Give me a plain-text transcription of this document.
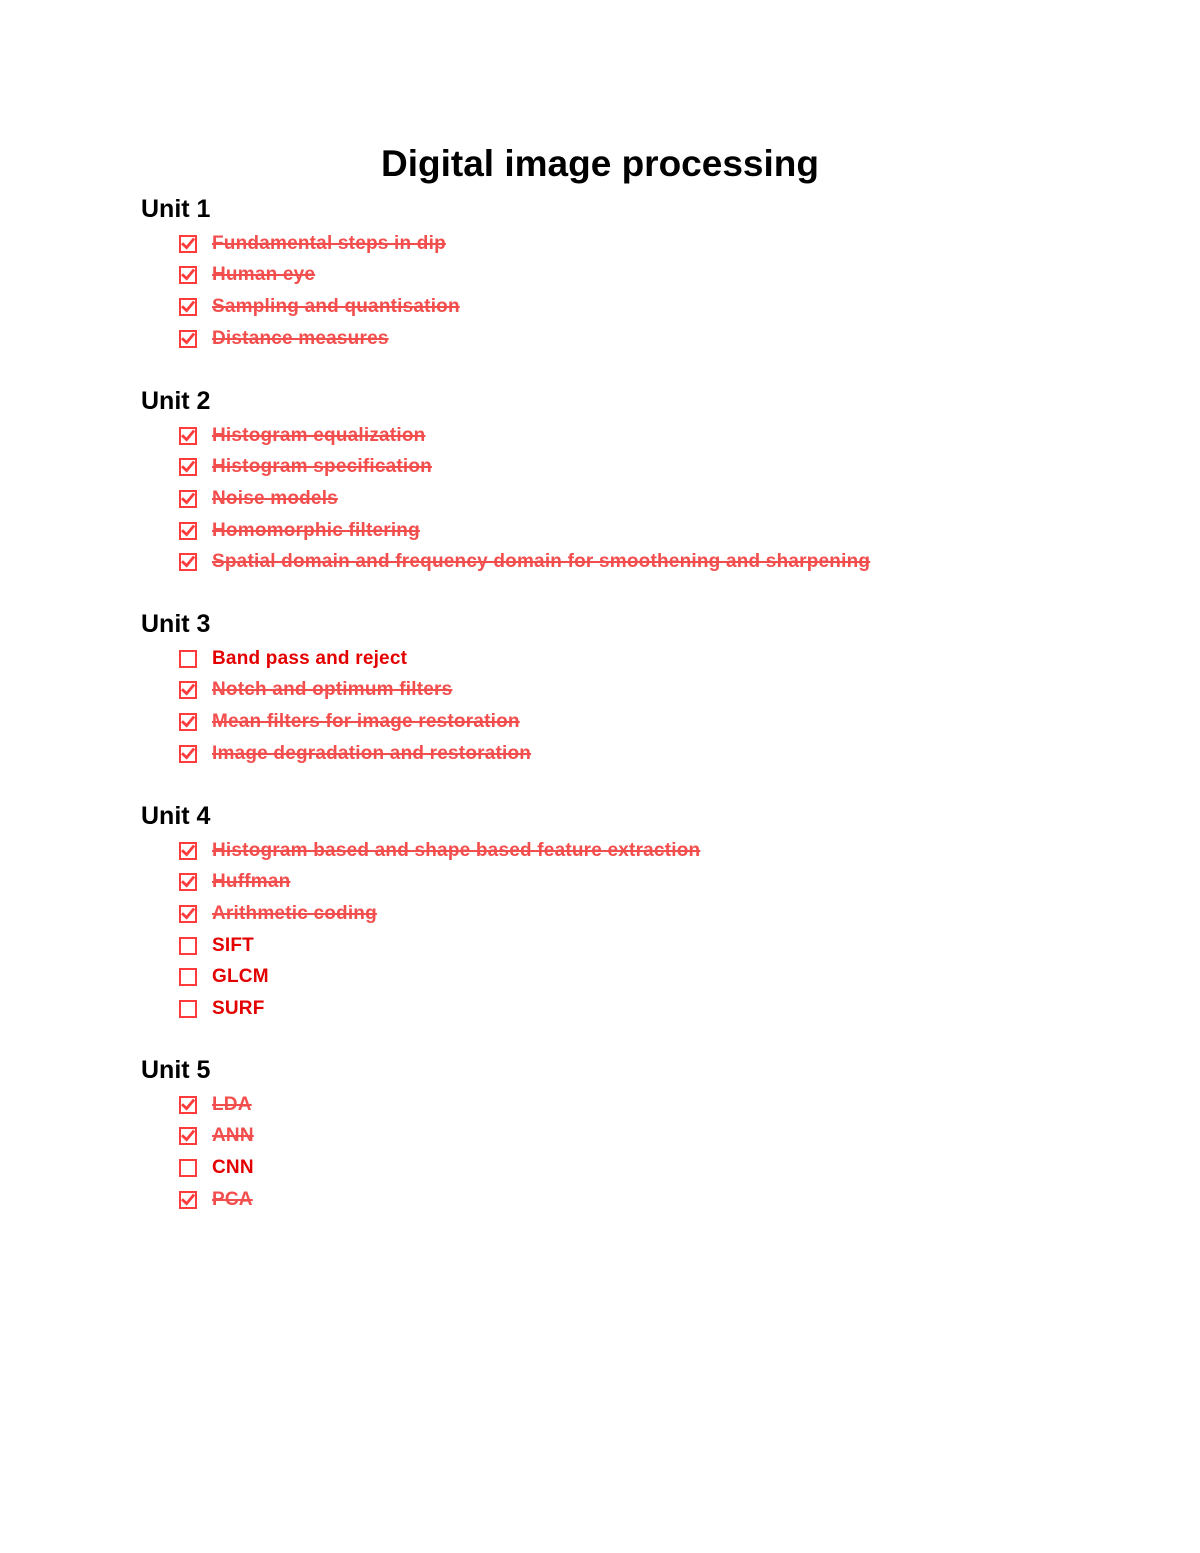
Digital image processing
Unit 1
Fundamental steps in dip
Human eye
Sampling and quantisation
Distance measures
Unit 2
Histogram equalization
Histogram specification
Noise models
Homomorphic filtering
Spatial domain and frequency domain for smoothening and sharpening
Unit 3
Band pass and reject
Notch and optimum filters
Mean filters for image restoration
Image degradation and restoration
Unit 4
Histogram based and shape based feature extraction
Huffman
Arithmetic coding
SIFT
GLCM
SURF
Unit 5
LDA
ANN
CNN
PCA
